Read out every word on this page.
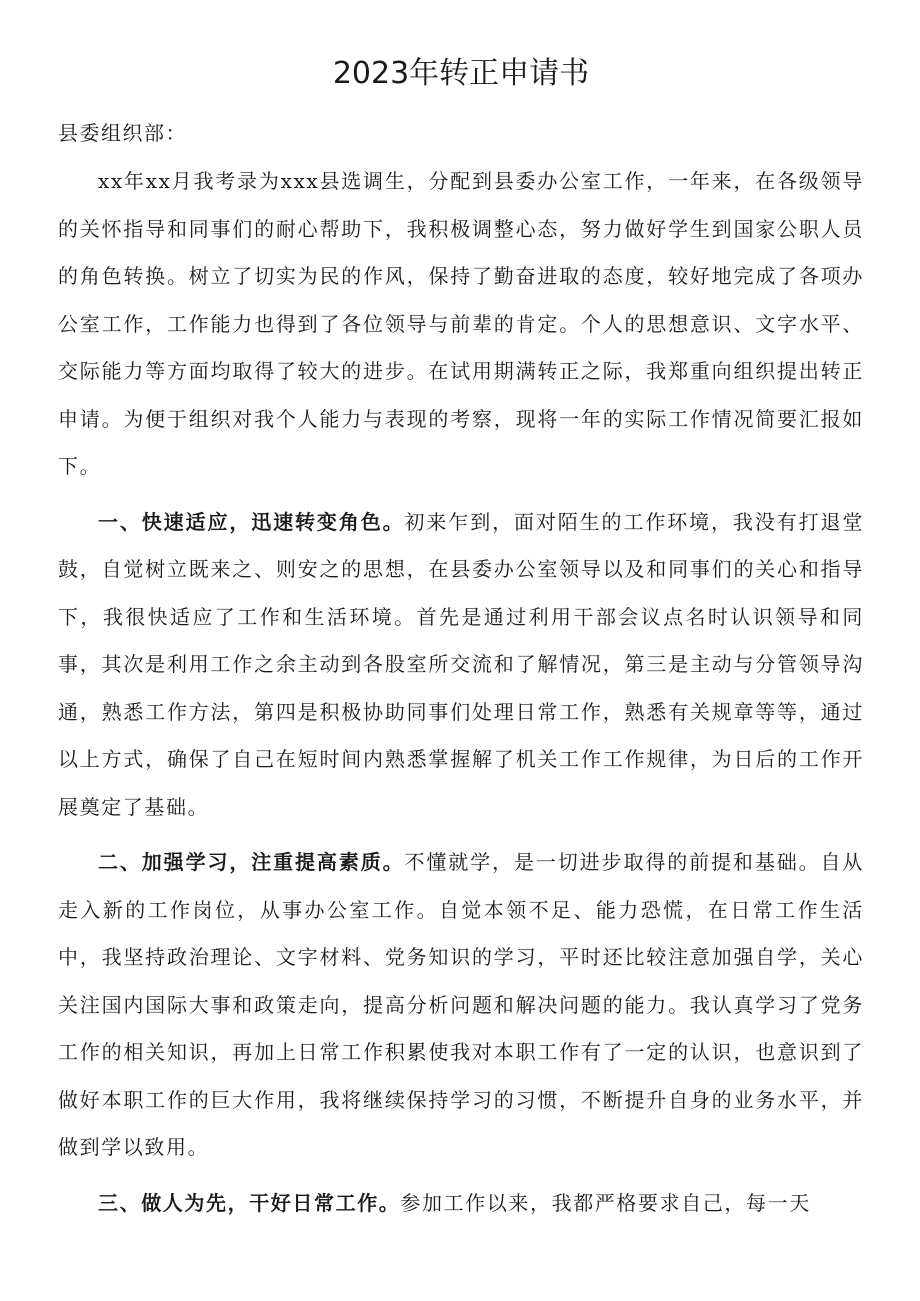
2023年转正申请书

县委组织部：

xx年xx月我考录为xxx县选调生，分配到县委办公室工作，一年来，在各级领导的关怀指导和同事们的耐心帮助下，我积极调整心态，努力做好学生到国家公职人员的角色转换。树立了切实为民的作风，保持了勤奋进取的态度，较好地完成了各项办公室工作，工作能力也得到了各位领导与前辈的肯定。个人的思想意识、文字水平、交际能力等方面均取得了较大的进步。在试用期满转正之际，我郑重向组织提出转正申请。为便于组织对我个人能力与表现的考察，现将一年的实际工作情况简要汇报如下。

一、快速适应，迅速转变角色。初来乍到，面对陌生的工作环境，我没有打退堂鼓，自觉树立既来之、则安之的思想，在县委办公室领导以及和同事们的关心和指导下，我很快适应了工作和生活环境。首先是通过利用干部会议点名时认识领导和同事，其次是利用工作之余主动到各股室所交流和了解情况，第三是主动与分管领导沟通，熟悉工作方法，第四是积极协助同事们处理日常工作，熟悉有关规章等等，通过以上方式，确保了自己在短时间内熟悉掌握解了机关工作工作规律，为日后的工作开展奠定了基础。

二、加强学习，注重提高素质。不懂就学，是一切进步取得的前提和基础。自从走入新的工作岗位，从事办公室工作。自觉本领不足、能力恐慌，在日常工作生活中，我坚持政治理论、文字材料、党务知识的学习，平时还比较注意加强自学，关心关注国内国际大事和政策走向，提高分析问题和解决问题的能力。我认真学习了党务工作的相关知识，再加上日常工作积累使我对本职工作有了一定的认识，也意识到了做好本职工作的巨大作用，我将继续保持学习的习惯，不断提升自身的业务水平，并做到学以致用。

三、做人为先，干好日常工作。参加工作以来，我都严格要求自己，每一天
